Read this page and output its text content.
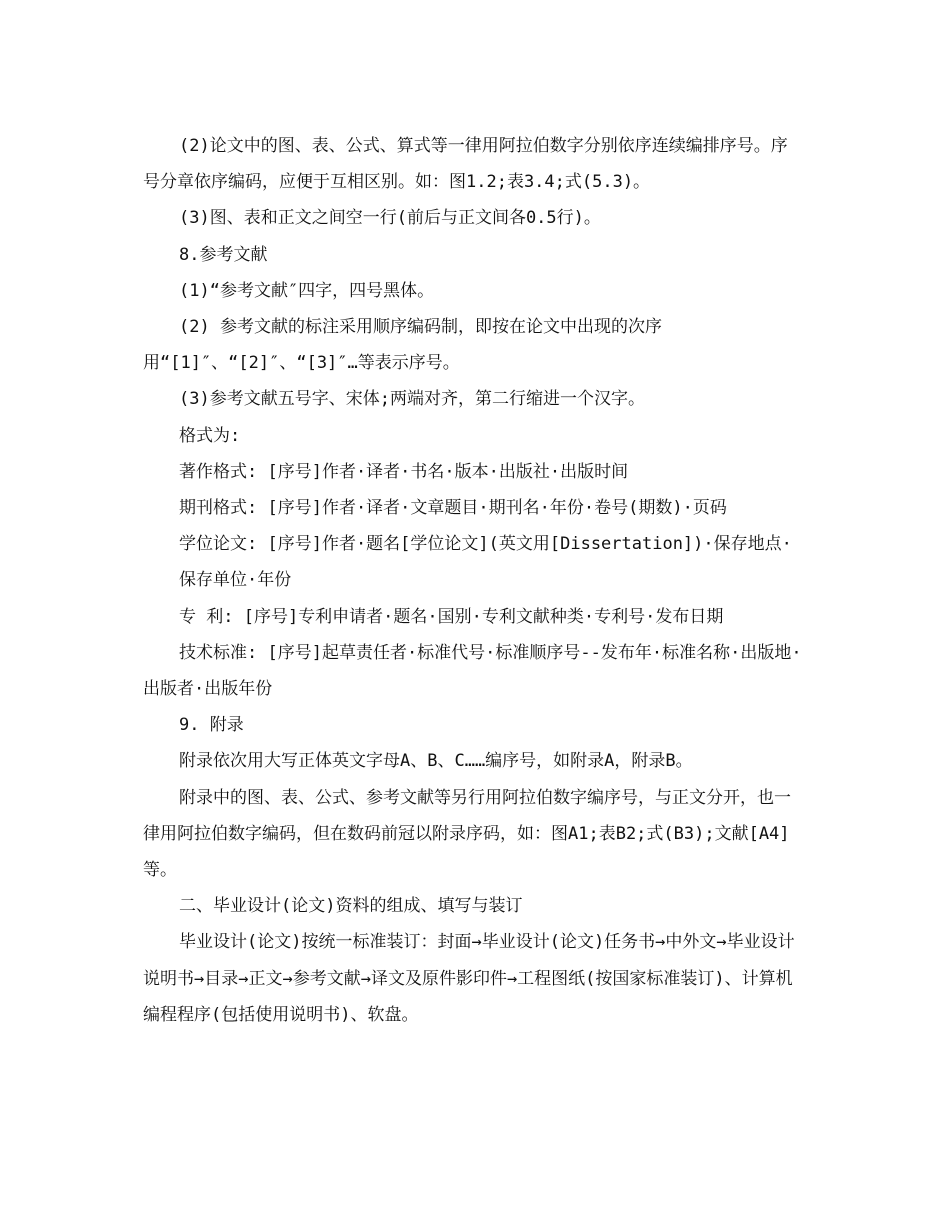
(2)论文中的图、表、公式、算式等一律用阿拉伯数字分别依序连续编排序号。序号分章依序编码，应便于互相区别。如：图1.2;表3.4;式(5.3)。

(3)图、表和正文之间空一行(前后与正文间各0.5行)。

8.参考文献

(1)“参考文献″四字，四号黑体。

(2) 参考文献的标注采用顺序编码制，即按在论文中出现的次序

用“[1]″、“[2]″、“[3]″…等表示序号。

(3)参考文献五号字、宋体;两端对齐，第二行缩进一个汉字。

格式为:

著作格式: [序号]作者·译者·书名·版本·出版社·出版时间

期刊格式: [序号]作者·译者·文章题目·期刊名·年份·卷号(期数)·页码

学位论文: [序号]作者·题名[学位论文](英文用[Dissertation])·保存地点·

保存单位·年份

专 利: [序号]专利申请者·题名·国别·专利文献种类·专利号·发布日期

技术标准: [序号]起草责任者·标准代号·标准顺序号--发布年·标准名称·出版地·出版者·出版年份

9. 附录

附录依次用大写正体英文字母A、B、C……编序号，如附录A，附录B。

附录中的图、表、公式、参考文献等另行用阿拉伯数字编序号，与正文分开，也一律用阿拉伯数字编码，但在数码前冠以附录序码，如：图A1;表B2;式(B3);文献[A4]等。

二、毕业设计(论文)资料的组成、填写与装订

毕业设计(论文)按统一标准装订：封面→毕业设计(论文)任务书→中外文→毕业设计说明书→目录→正文→参考文献→译文及原件影印件→工程图纸(按国家标准装订)、计算机编程程序(包括使用说明书)、软盘。
